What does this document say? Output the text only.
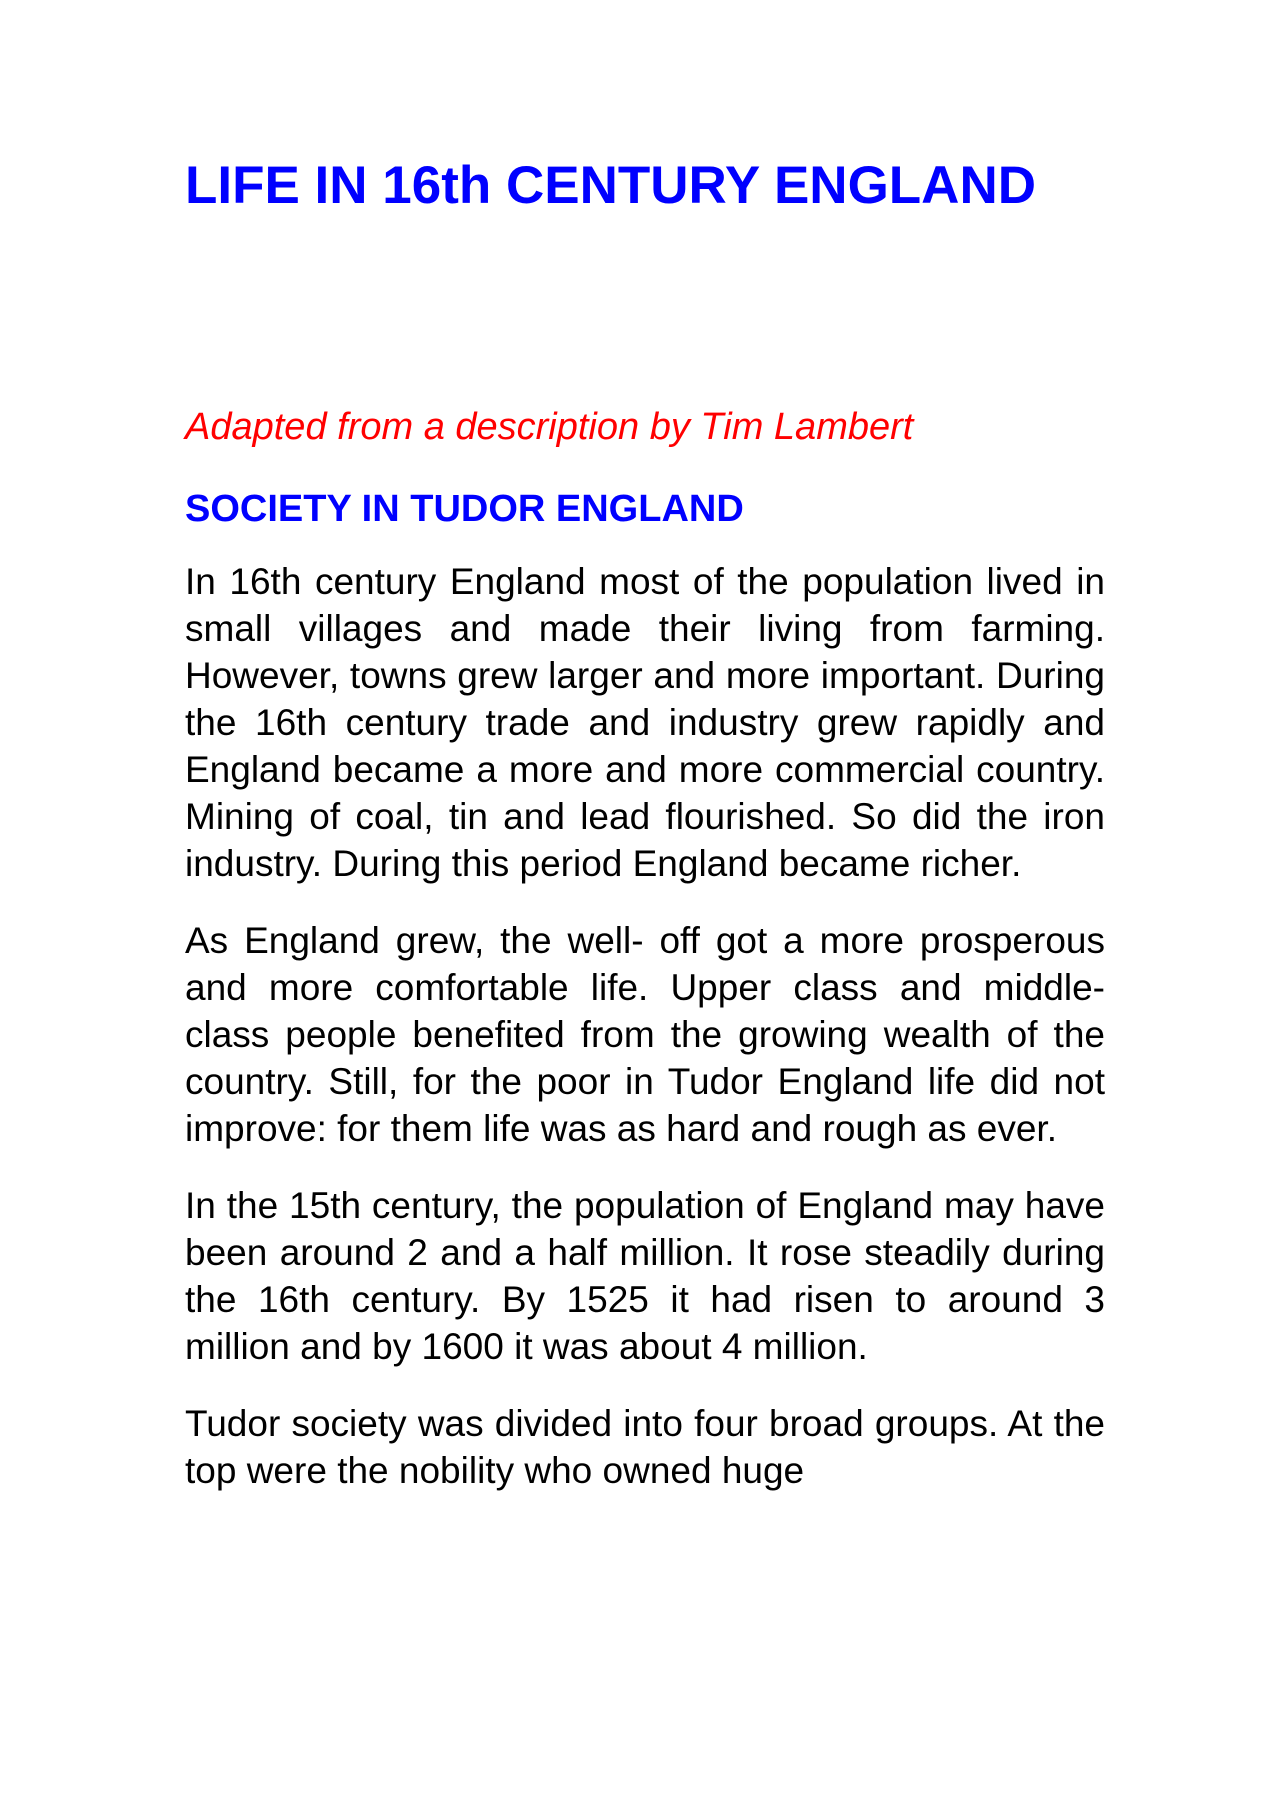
LIFE IN 16th CENTURY ENGLAND

Adapted from a description by Tim Lambert

SOCIETY IN TUDOR ENGLAND

In 16th century England most of the population lived in small villages and made their living from farming. However, towns grew larger and more important. During the 16th century trade and industry grew rapidly and England became a more and more commercial country. Mining of coal, tin and lead flourished. So did the iron industry. During this period England became richer.

As England grew, the well- off got a more prosperous and more comfortable life. Upper class and middle-class people benefited from the growing wealth of the country. Still, for the poor in Tudor England life did not improve: for them life was as hard and rough as ever.

In the 15th century, the population of England may have been around 2 and a half million. It rose steadily during the 16th century. By 1525 it had risen to around 3 million and by 1600 it was about 4 million.

Tudor society was divided into four broad groups. At the top were the nobility who owned huge
